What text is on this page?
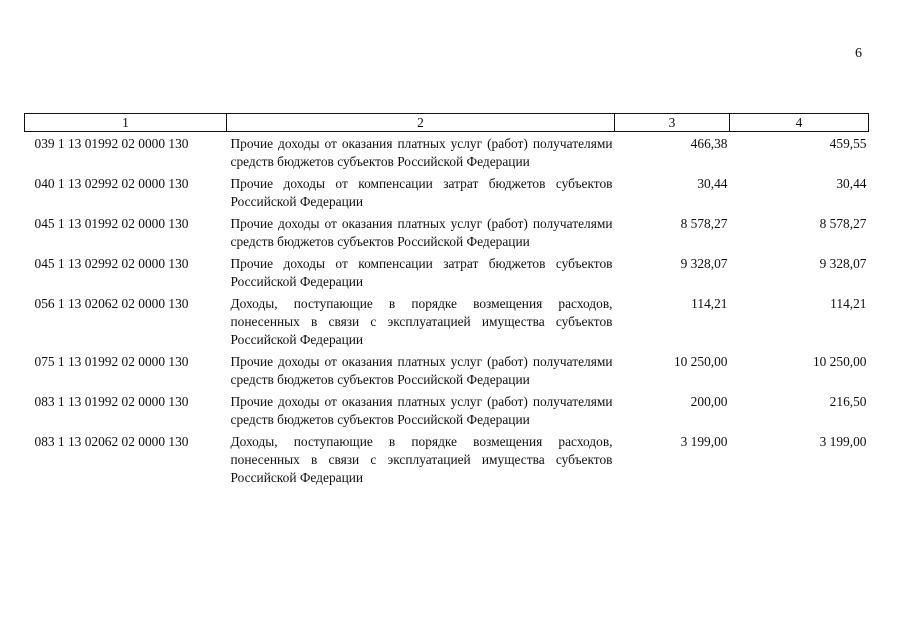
6
1	2	3	4
039 1 13 01992 02 0000 130	Прочие доходы от оказания платных услуг (работ) получателями средств бюджетов субъектов Российской Федерации	466,38	459,55
040 1 13 02992 02 0000 130	Прочие доходы от компенсации затрат бюджетов субъектов Российской Федерации	30,44	30,44
045 1 13 01992 02 0000 130	Прочие доходы от оказания платных услуг (работ) получателями средств бюджетов субъектов Российской Федерации	8 578,27	8 578,27
045 1 13 02992 02 0000 130	Прочие доходы от компенсации затрат бюджетов субъектов Российской Федерации	9 328,07	9 328,07
056 1 13 02062 02 0000 130	Доходы, поступающие в порядке возмещения расходов, понесенных в связи с эксплуатацией имущества субъектов Российской Федерации	114,21	114,21
075 1 13 01992 02 0000 130	Прочие доходы от оказания платных услуг (работ) получателями средств бюджетов субъектов Российской Федерации	10 250,00	10 250,00
083 1 13 01992 02 0000 130	Прочие доходы от оказания платных услуг (работ) получателями средств бюджетов субъектов Российской Федерации	200,00	216,50
083 1 13 02062 02 0000 130	Доходы, поступающие в порядке возмещения расходов, понесенных в связи с эксплуатацией имущества субъектов Российской Федерации	3 199,00	3 199,00
